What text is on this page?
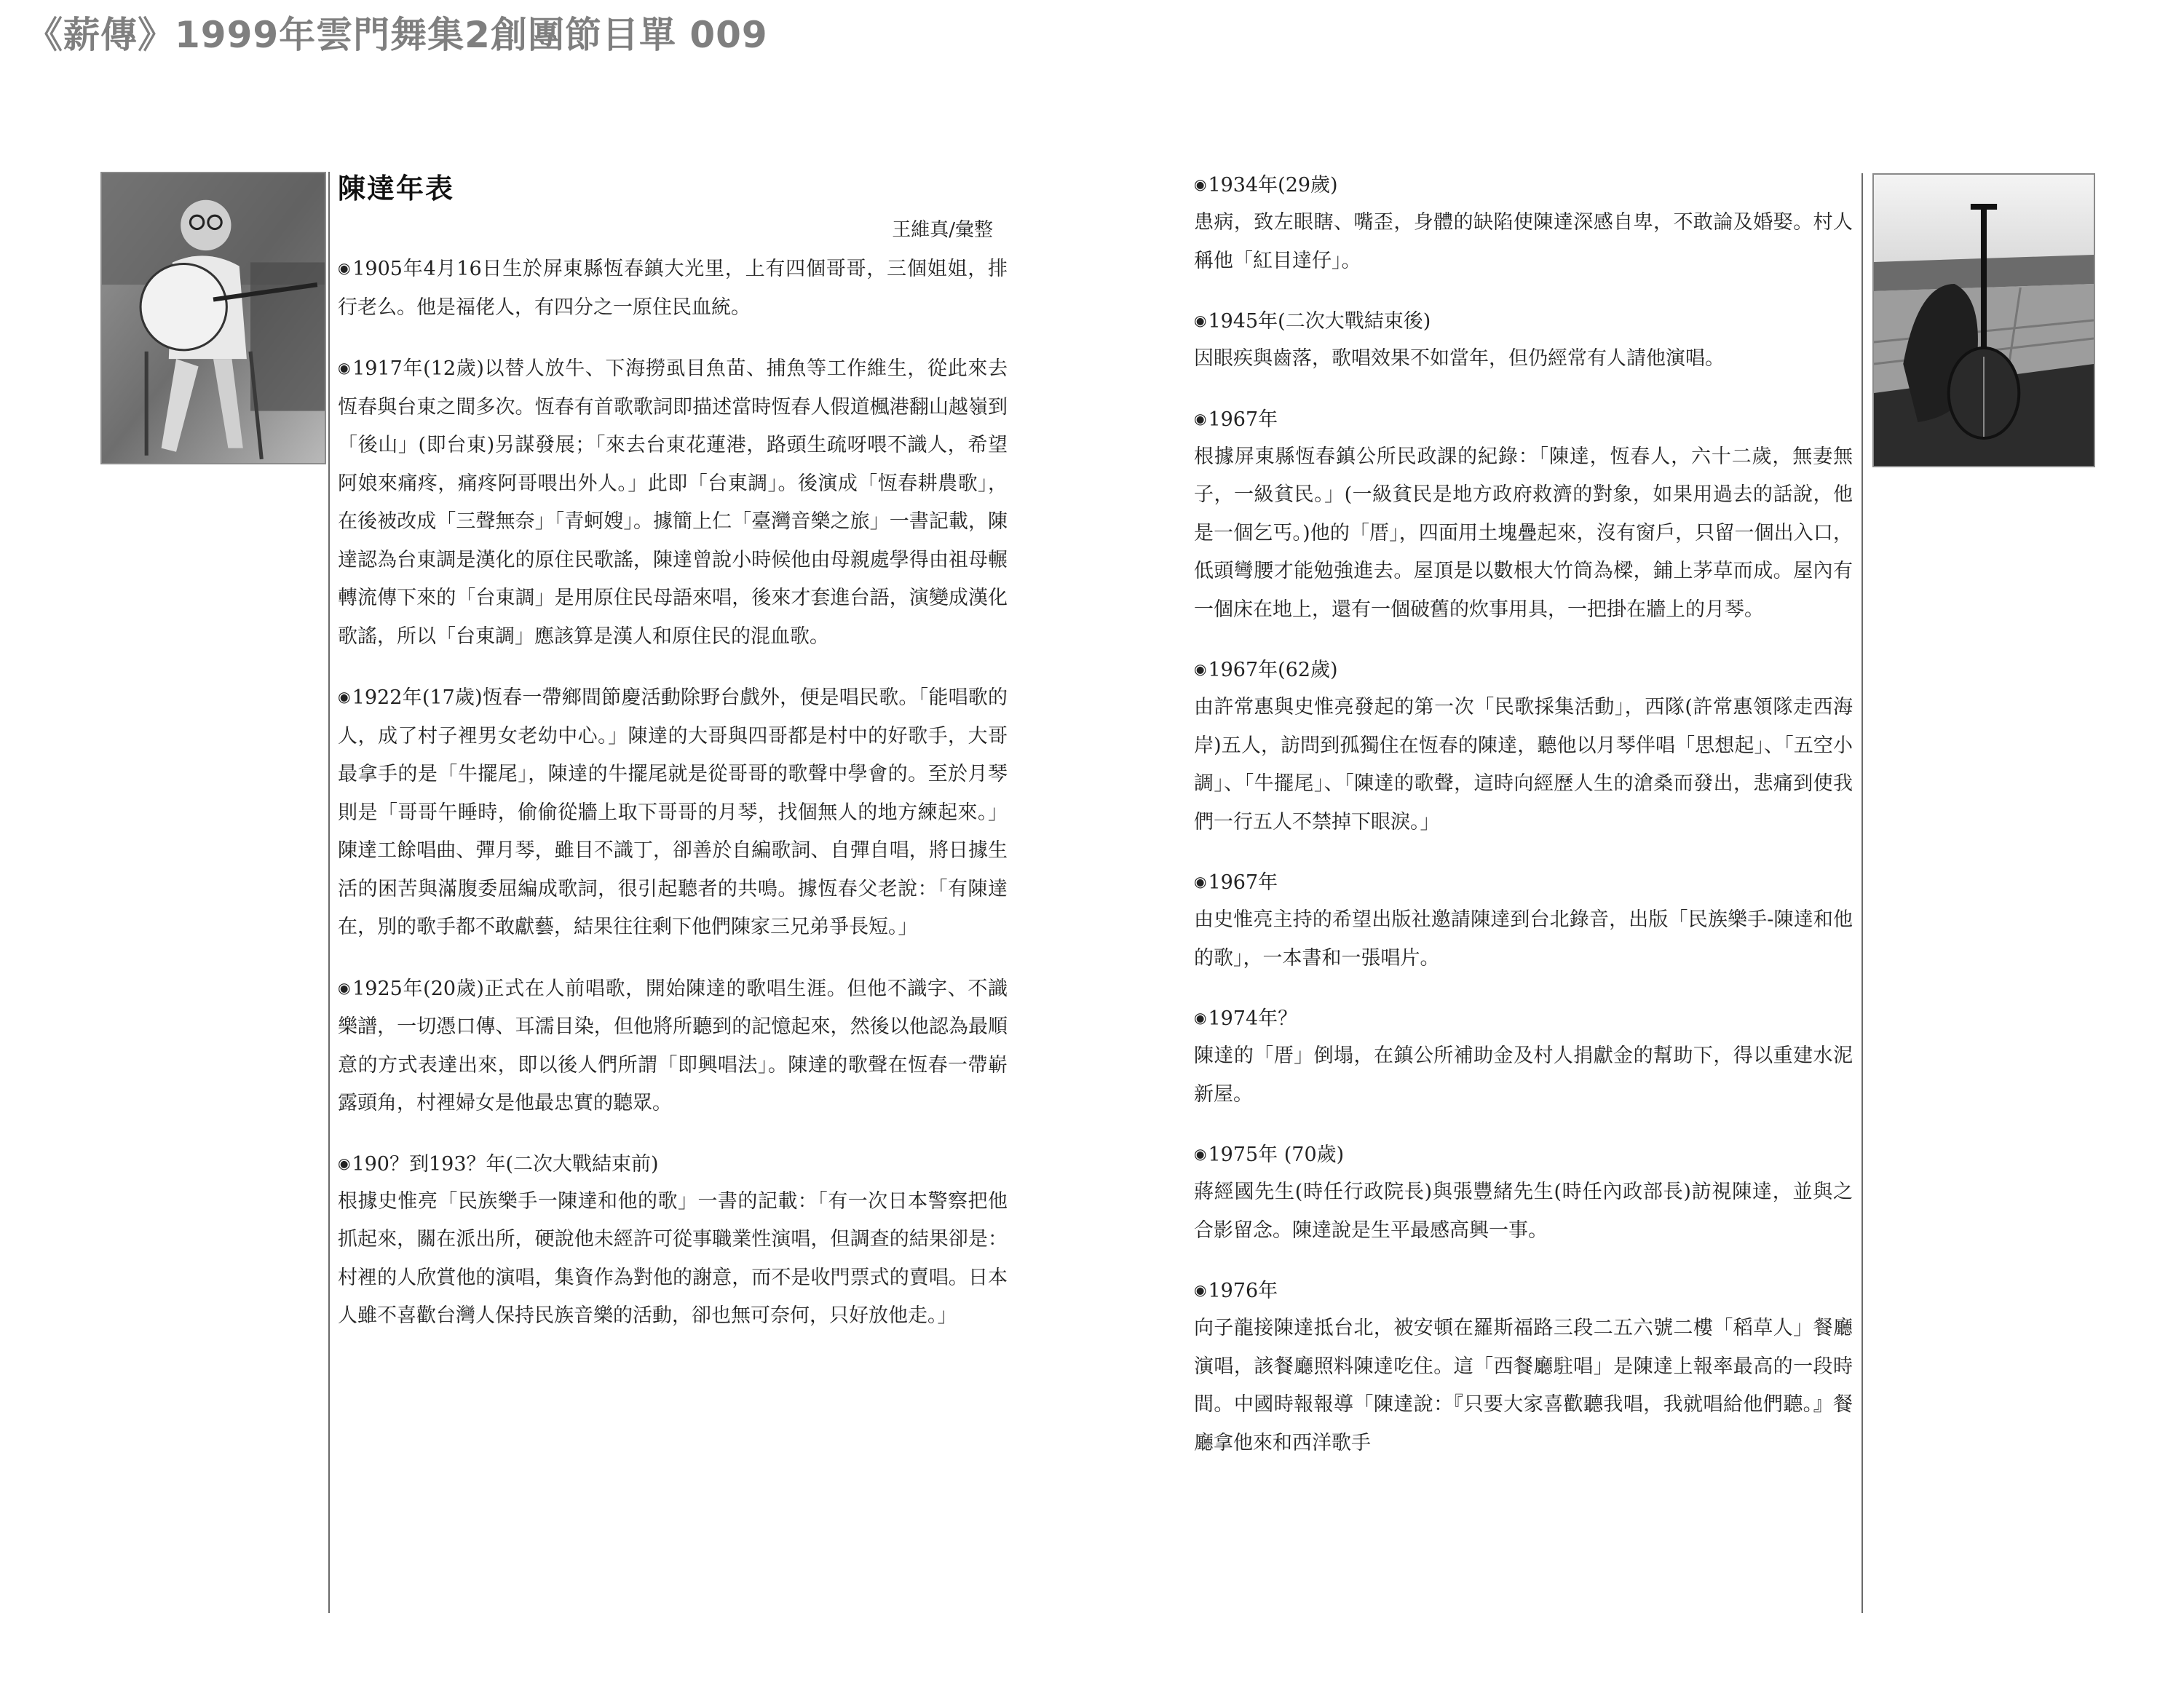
《薪傳》1999年雲門舞集2創團節目單 009
陳達年表
王維真/彙整

◉1905年4月16日生於屏東縣恆春鎮大光里，上有四個哥哥，三個姐姐，排行老么。他是福佬人，有四分之一原住民血統。

◉1917年(12歲)以替人放牛、下海撈虱目魚苗、捕魚等工作維生，從此來去恆春與台東之間多次。恆春有首歌歌詞即描述當時恆春人假道楓港翻山越嶺到「後山」(即台東)另謀發展；「來去台東花蓮港，路頭生疏呀喂不識人，希望阿娘來痛疼，痛疼阿哥喂出外人。」此即「台東調」。後演成「恆春耕農歌」，在後被改成「三聲無奈」「青蚵嫂」。據簡上仁「臺灣音樂之旅」一書記載，陳達認為台東調是漢化的原住民歌謠，陳達曾說小時候他由母親處學得由祖母輾轉流傳下來的「台東調」是用原住民母語來唱，後來才套進台語，演變成漢化歌謠，所以「台東調」應該算是漢人和原住民的混血歌。

◉1922年(17歲)恆春一帶鄉間節慶活動除野台戲外，便是唱民歌。「能唱歌的人，成了村子裡男女老幼中心。」陳達的大哥與四哥都是村中的好歌手，大哥最拿手的是「牛擺尾」，陳達的牛擺尾就是從哥哥的歌聲中學會的。至於月琴則是「哥哥午睡時，偷偷從牆上取下哥哥的月琴，找個無人的地方練起來。」陳達工餘唱曲、彈月琴，雖目不識丁，卻善於自編歌詞、自彈自唱，將日據生活的困苦與滿腹委屈編成歌詞，很引起聽者的共鳴。據恆春父老說：「有陳達在，別的歌手都不敢獻藝，結果往往剩下他們陳家三兄弟爭長短。」

◉1925年(20歲)正式在人前唱歌，開始陳達的歌唱生涯。但他不識字、不識樂譜，一切憑口傳、耳濡目染，但他將所聽到的記憶起來，然後以他認為最順意的方式表達出來，即以後人們所謂「即興唱法」。陳達的歌聲在恆春一帶嶄露頭角，村裡婦女是他最忠實的聽眾。

◉190？到193？年(二次大戰結束前)

根據史惟亮「民族樂手一陳達和他的歌」一書的記載：「有一次日本警察把他抓起來，關在派出所，硬說他未經許可從事職業性演唱，但調查的結果卻是：村裡的人欣賞他的演唱，集資作為對他的謝意，而不是收門票式的賣唱。日本人雖不喜歡台灣人保持民族音樂的活動，卻也無可奈何，只好放他走。」

◉1934年(29歲)

患病，致左眼瞎、嘴歪，身體的缺陷使陳達深感自卑，不敢論及婚娶。村人稱他「紅目達仔」。

◉1945年(二次大戰結束後)

因眼疾與齒落，歌唱效果不如當年，但仍經常有人請他演唱。

◉1967年

根據屏東縣恆春鎮公所民政課的紀錄：「陳達，恆春人，六十二歲，無妻無子，一級貧民。」(一級貧民是地方政府救濟的對象，如果用過去的話說，他是一個乞丐。)他的「厝」，四面用土塊疊起來，沒有窗戶，只留一個出入口，低頭彎腰才能勉強進去。屋頂是以數根大竹筒為樑，鋪上茅草而成。屋內有一個床在地上，還有一個破舊的炊事用具，一把掛在牆上的月琴。

◉1967年(62歲)

由許常惠與史惟亮發起的第一次「民歌採集活動」，西隊(許常惠領隊走西海岸)五人，訪問到孤獨住在恆春的陳達，聽他以月琴伴唱「思想起」、「五空小調」、「牛擺尾」、「陳達的歌聲，這時向經歷人生的滄桑而發出，悲痛到使我們一行五人不禁掉下眼淚。」

◉1967年

由史惟亮主持的希望出版社邀請陳達到台北錄音，出版「民族樂手-陳達和他的歌」，一本書和一張唱片。

◉1974年？

陳達的「厝」倒塌，在鎮公所補助金及村人捐獻金的幫助下，得以重建水泥新屋。

◉1975年 (70歲)

蔣經國先生(時任行政院長)與張豐緒先生(時任內政部長)訪視陳達，並與之合影留念。陳達說是生平最感高興一事。

◉1976年

向子龍接陳達抵台北，被安頓在羅斯福路三段二五六號二樓「稻草人」餐廳演唱，該餐廳照料陳達吃住。這「西餐廳駐唱」是陳達上報率最高的一段時間。中國時報報導「陳達說：『只要大家喜歡聽我唱，我就唱給他們聽。』餐廳拿他來和西洋歌手
